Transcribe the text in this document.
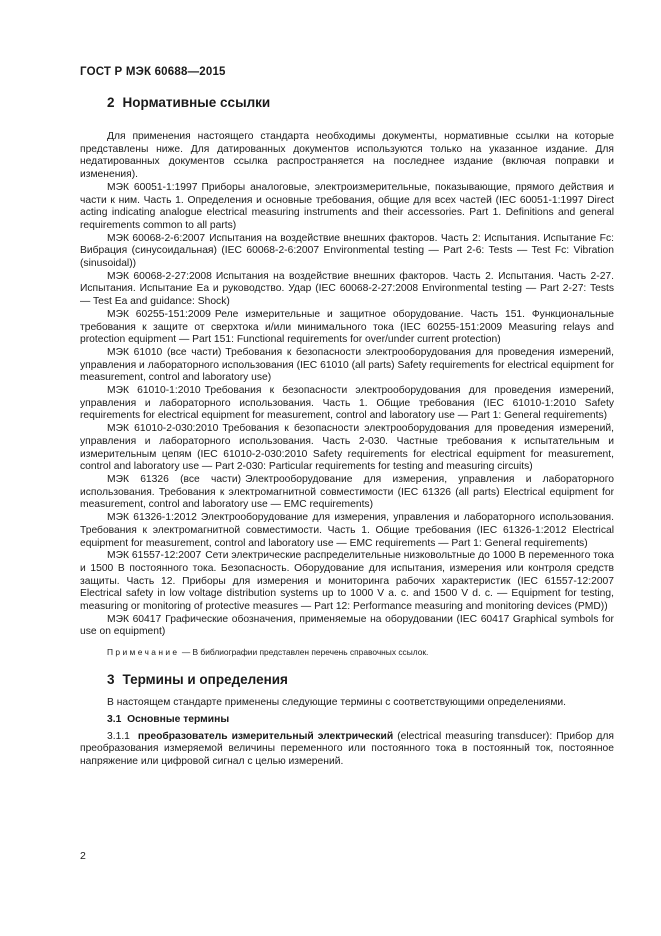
ГОСТ Р МЭК 60688—2015
2 Нормативные ссылки

Для применения настоящего стандарта необходимы документы, нормативные ссылки на которые представлены ниже. Для датированных документов используются только на указанное издание. Для недатированных документов ссылка распространяется на последнее издание (включая поправки и изменения).

МЭК 60051-1:1997 Приборы аналоговые, электроизмерительные, показывающие, прямого действия и части к ним. Часть 1. Определения и основные требования, общие для всех частей (IEC 60051-1:1997 Direct acting indicating analogue electrical measuring instruments and their accessories. Part 1. Definitions and general requirements common to all parts)

МЭК 60068-2-6:2007 Испытания на воздействие внешних факторов. Часть 2: Испытания. Испытание Fc: Вибрация (синусоидальная) (IEC 60068-2-6:2007 Environmental testing — Part 2-6: Tests — Test Fc: Vibration (sinusoidal))

МЭК 60068-2-27:2008 Испытания на воздействие внешних факторов. Часть 2. Испытания. Часть 2-27. Испытания. Испытание Еа и руководство. Удар (IEC 60068-2-27:2008 Environmental testing — Part 2-27: Tests — Test Ea and guidance: Shock)

МЭК 60255-151:2009 Реле измерительные и защитное оборудование. Часть 151. Функциональные требования к защите от сверхтока и/или минимального тока (IEC 60255-151:2009 Measuring relays and protection equipment — Part 151: Functional requirements for over/under current protection)

МЭК 61010 (все части) Требования к безопасности электрооборудования для проведения измерений, управления и лабораторного использования (IEC 61010 (all parts) Safety requirements for electrical equipment for measurement, control and laboratory use)

МЭК 61010-1:2010 Требования к безопасности электрооборудования для проведения измерений, управления и лабораторного использования. Часть 1. Общие требования (IEC 61010-1:2010 Safety requirements for electrical equipment for measurement, control and laboratory use — Part 1: General requirements)

МЭК 61010-2-030:2010 Требования к безопасности электрооборудования для проведения измерений, управления и лабораторного использования. Часть 2-030. Частные требования к испытательным и измерительным цепям (IEC 61010-2-030:2010 Safety requirements for electrical equipment for measurement, control and laboratory use — Part 2-030: Particular requirements for testing and measuring circuits)

МЭК 61326 (все части) Электрооборудование для измерения, управления и лабораторного использования. Требования к электромагнитной совместимости (IEC 61326 (all parts) Electrical equipment for measurement, control and laboratory use — EMC requirements)

МЭК 61326-1:2012 Электрооборудование для измерения, управления и лабораторного использования. Требования к электромагнитной совместимости. Часть 1. Общие требования (IEC 61326-1:2012 Electrical equipment for measurement, control and laboratory use — EMC requirements — Part 1: General requirements)

МЭК 61557-12:2007 Сети электрические распределительные низковольтные до 1000 В переменного тока и 1500 В постоянного тока. Безопасность. Оборудование для испытания, измерения или контроля средств защиты. Часть 12. Приборы для измерения и мониторинга рабочих характеристик (IEC 61557-12:2007 Electrical safety in low voltage distribution systems up to 1000 V a. c. and 1500 V d. c. — Equipment for testing, measuring or monitoring of protective measures — Part 12: Performance measuring and monitoring devices (PMD))

МЭК 60417 Графические обозначения, применяемые на оборудовании (IEC 60417 Graphical symbols for use on equipment)

Примечание — В библиографии представлен перечень справочных ссылок.

3 Термины и определения

В настоящем стандарте применены следующие термины с соответствующими определениями.

3.1 Основные термины

3.1.1 преобразователь измерительный электрический (electrical measuring transducer): Прибор для преобразования измеряемой величины переменного или постоянного тока в постоянный ток, постоянное напряжение или цифровой сигнал с целью измерений.

2
